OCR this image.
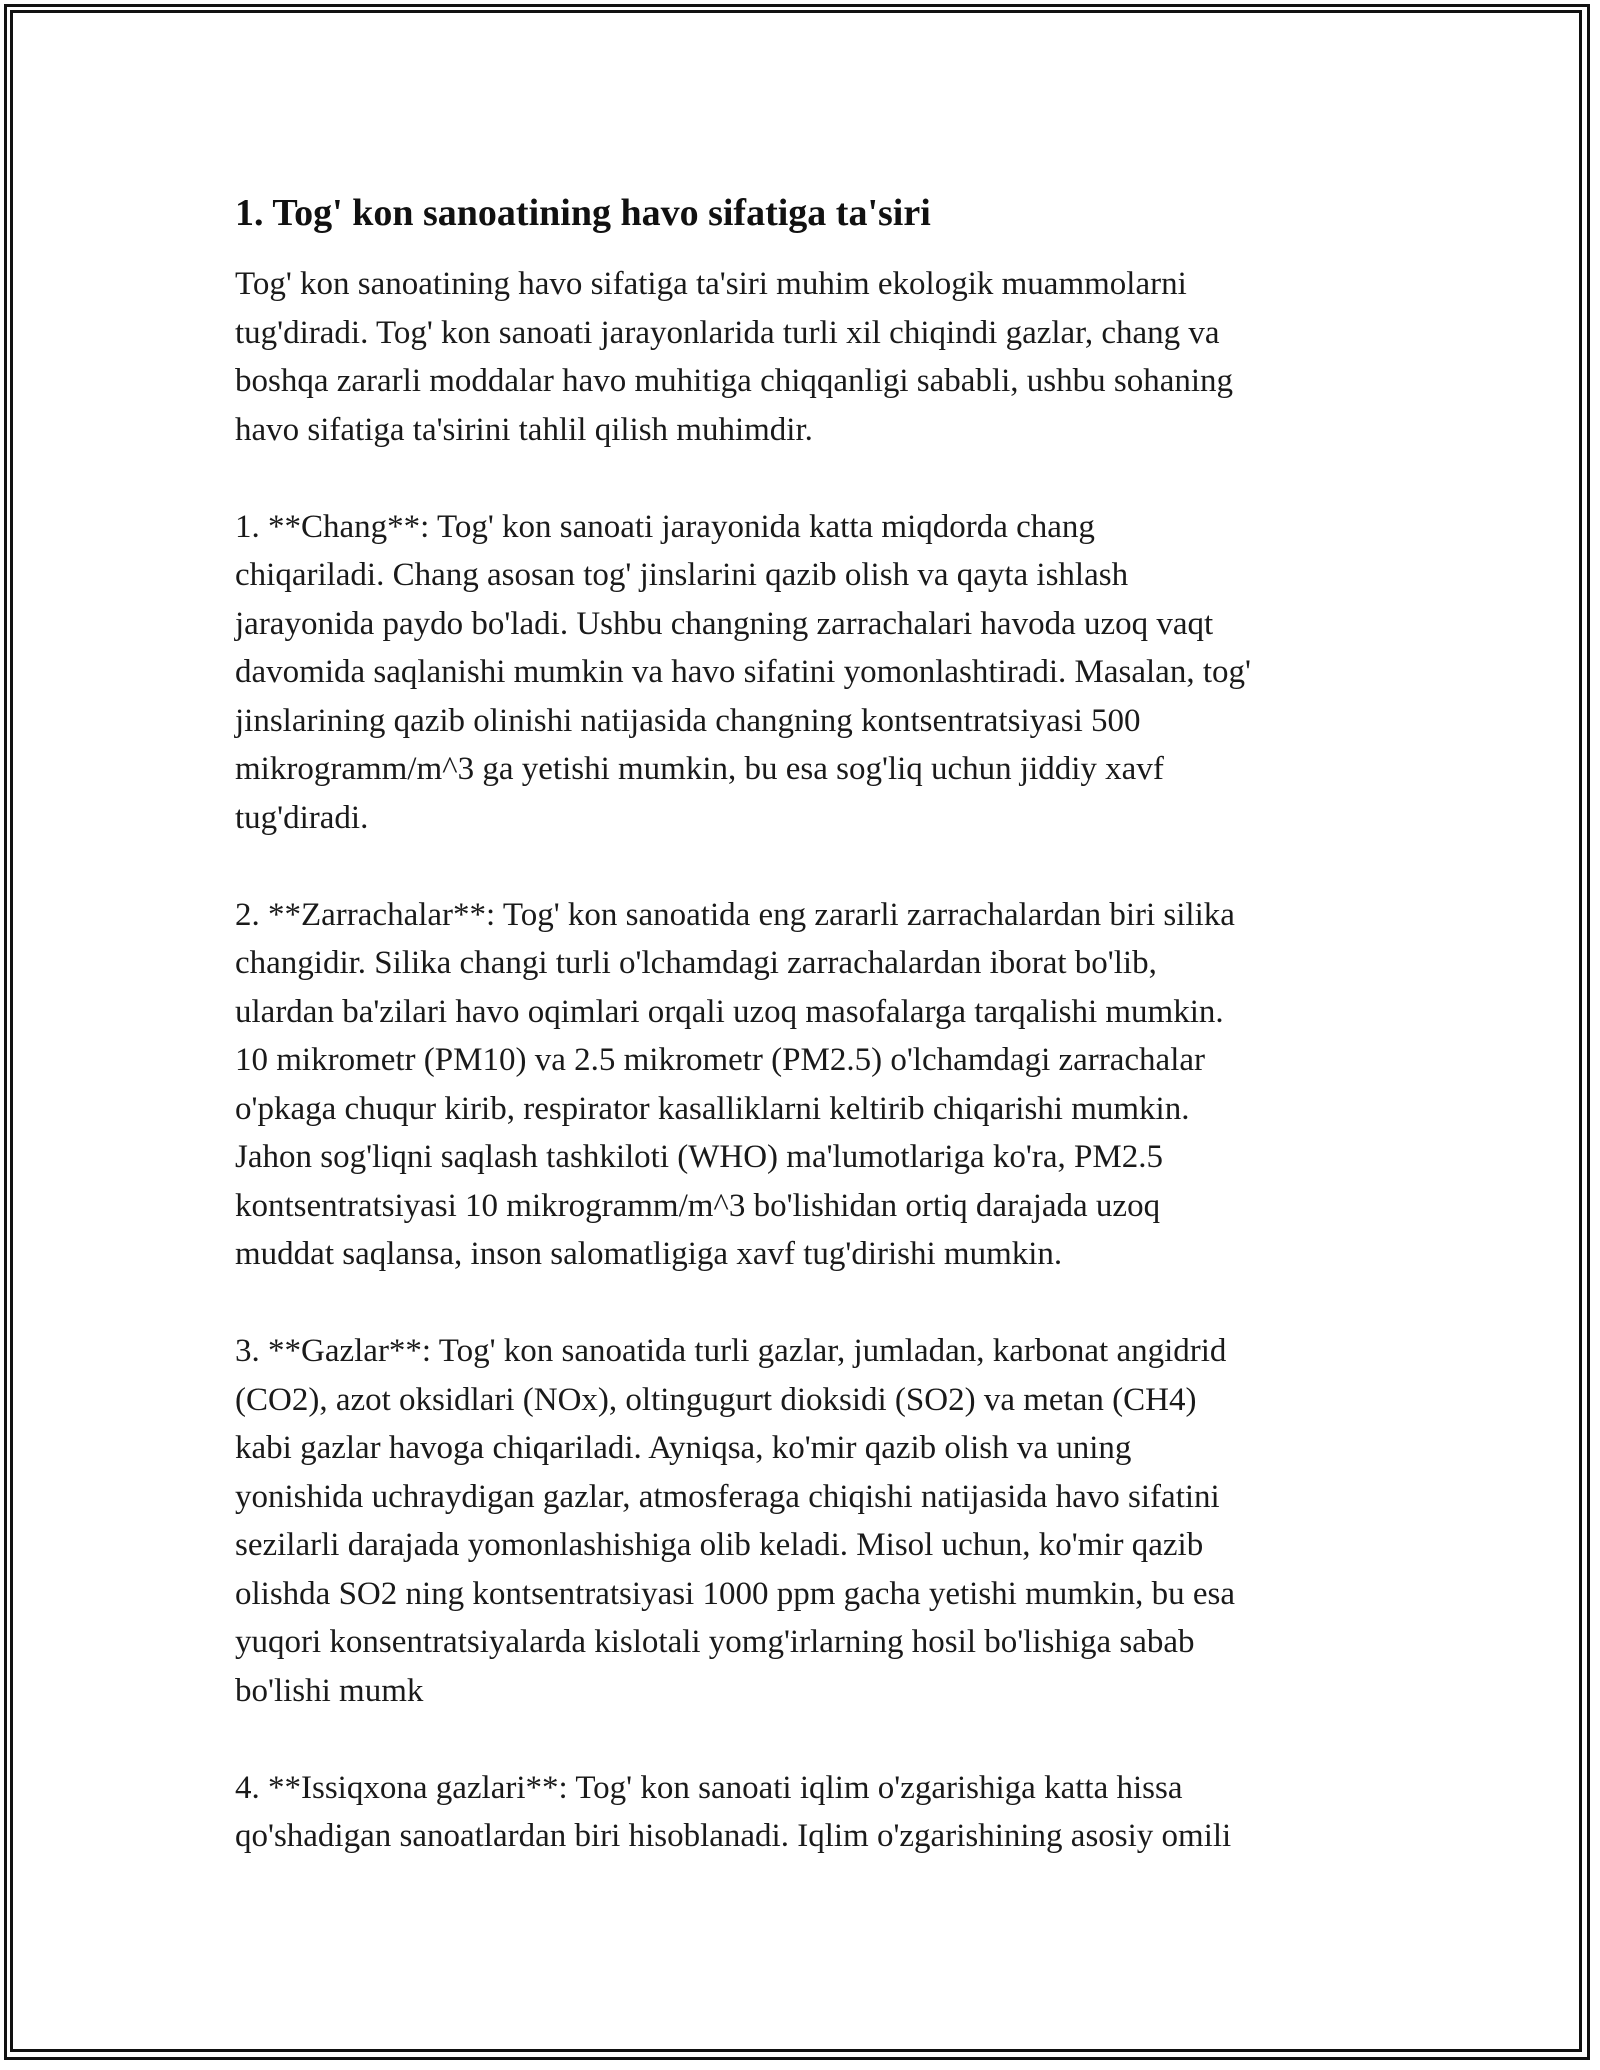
1. Tog' kon sanoatining havo sifatiga ta'siri

Tog' kon sanoatining havo sifatiga ta'siri muhim ekologik muammolarni
tug'diradi. Tog' kon sanoati jarayonlarida turli xil chiqindi gazlar, chang va
boshqa zararli moddalar havo muhitiga chiqqanligi sababli, ushbu sohaning
havo sifatiga ta'sirini tahlil qilish muhimdir.

1. **Chang**: Tog' kon sanoati jarayonida katta miqdorda chang
chiqariladi. Chang asosan tog' jinslarini qazib olish va qayta ishlash
jarayonida paydo bo'ladi. Ushbu changning zarrachalari havoda uzoq vaqt
davomida saqlanishi mumkin va havo sifatini yomonlashtiradi. Masalan, tog'
jinslarining qazib olinishi natijasida changning kontsentratsiyasi 500
mikrogramm/m^3 ga yetishi mumkin, bu esa sog'liq uchun jiddiy xavf
tug'diradi.

2. **Zarrachalar**: Tog' kon sanoatida eng zararli zarrachalardan biri silika
changidir. Silika changi turli o'lchamdagi zarrachalardan iborat bo'lib,
ulardan ba'zilari havo oqimlari orqali uzoq masofalarga tarqalishi mumkin.
10 mikrometr (PM10) va 2.5 mikrometr (PM2.5) o'lchamdagi zarrachalar
o'pkaga chuqur kirib, respirator kasalliklarni keltirib chiqarishi mumkin.
Jahon sog'liqni saqlash tashkiloti (WHO) ma'lumotlariga ko'ra, PM2.5
kontsentratsiyasi 10 mikrogramm/m^3 bo'lishidan ortiq darajada uzoq
muddat saqlansa, inson salomatligiga xavf tug'dirishi mumkin.

3. **Gazlar**: Tog' kon sanoatida turli gazlar, jumladan, karbonat angidrid
(CO2), azot oksidlari (NOx), oltingugurt dioksidi (SO2) va metan (CH4)
kabi gazlar havoga chiqariladi. Ayniqsa, ko'mir qazib olish va uning
yonishida uchraydigan gazlar, atmosferaga chiqishi natijasida havo sifatini
sezilarli darajada yomonlashishiga olib keladi. Misol uchun, ko'mir qazib
olishda SO2 ning kontsentratsiyasi 1000 ppm gacha yetishi mumkin, bu esa
yuqori konsentratsiyalarda kislotali yomg'irlarning hosil bo'lishiga sabab
bo'lishi mumk

4. **Issiqxona gazlari**: Tog' kon sanoati iqlim o'zgarishiga katta hissa
qo'shadigan sanoatlardan biri hisoblanadi. Iqlim o'zgarishining asosiy omili
